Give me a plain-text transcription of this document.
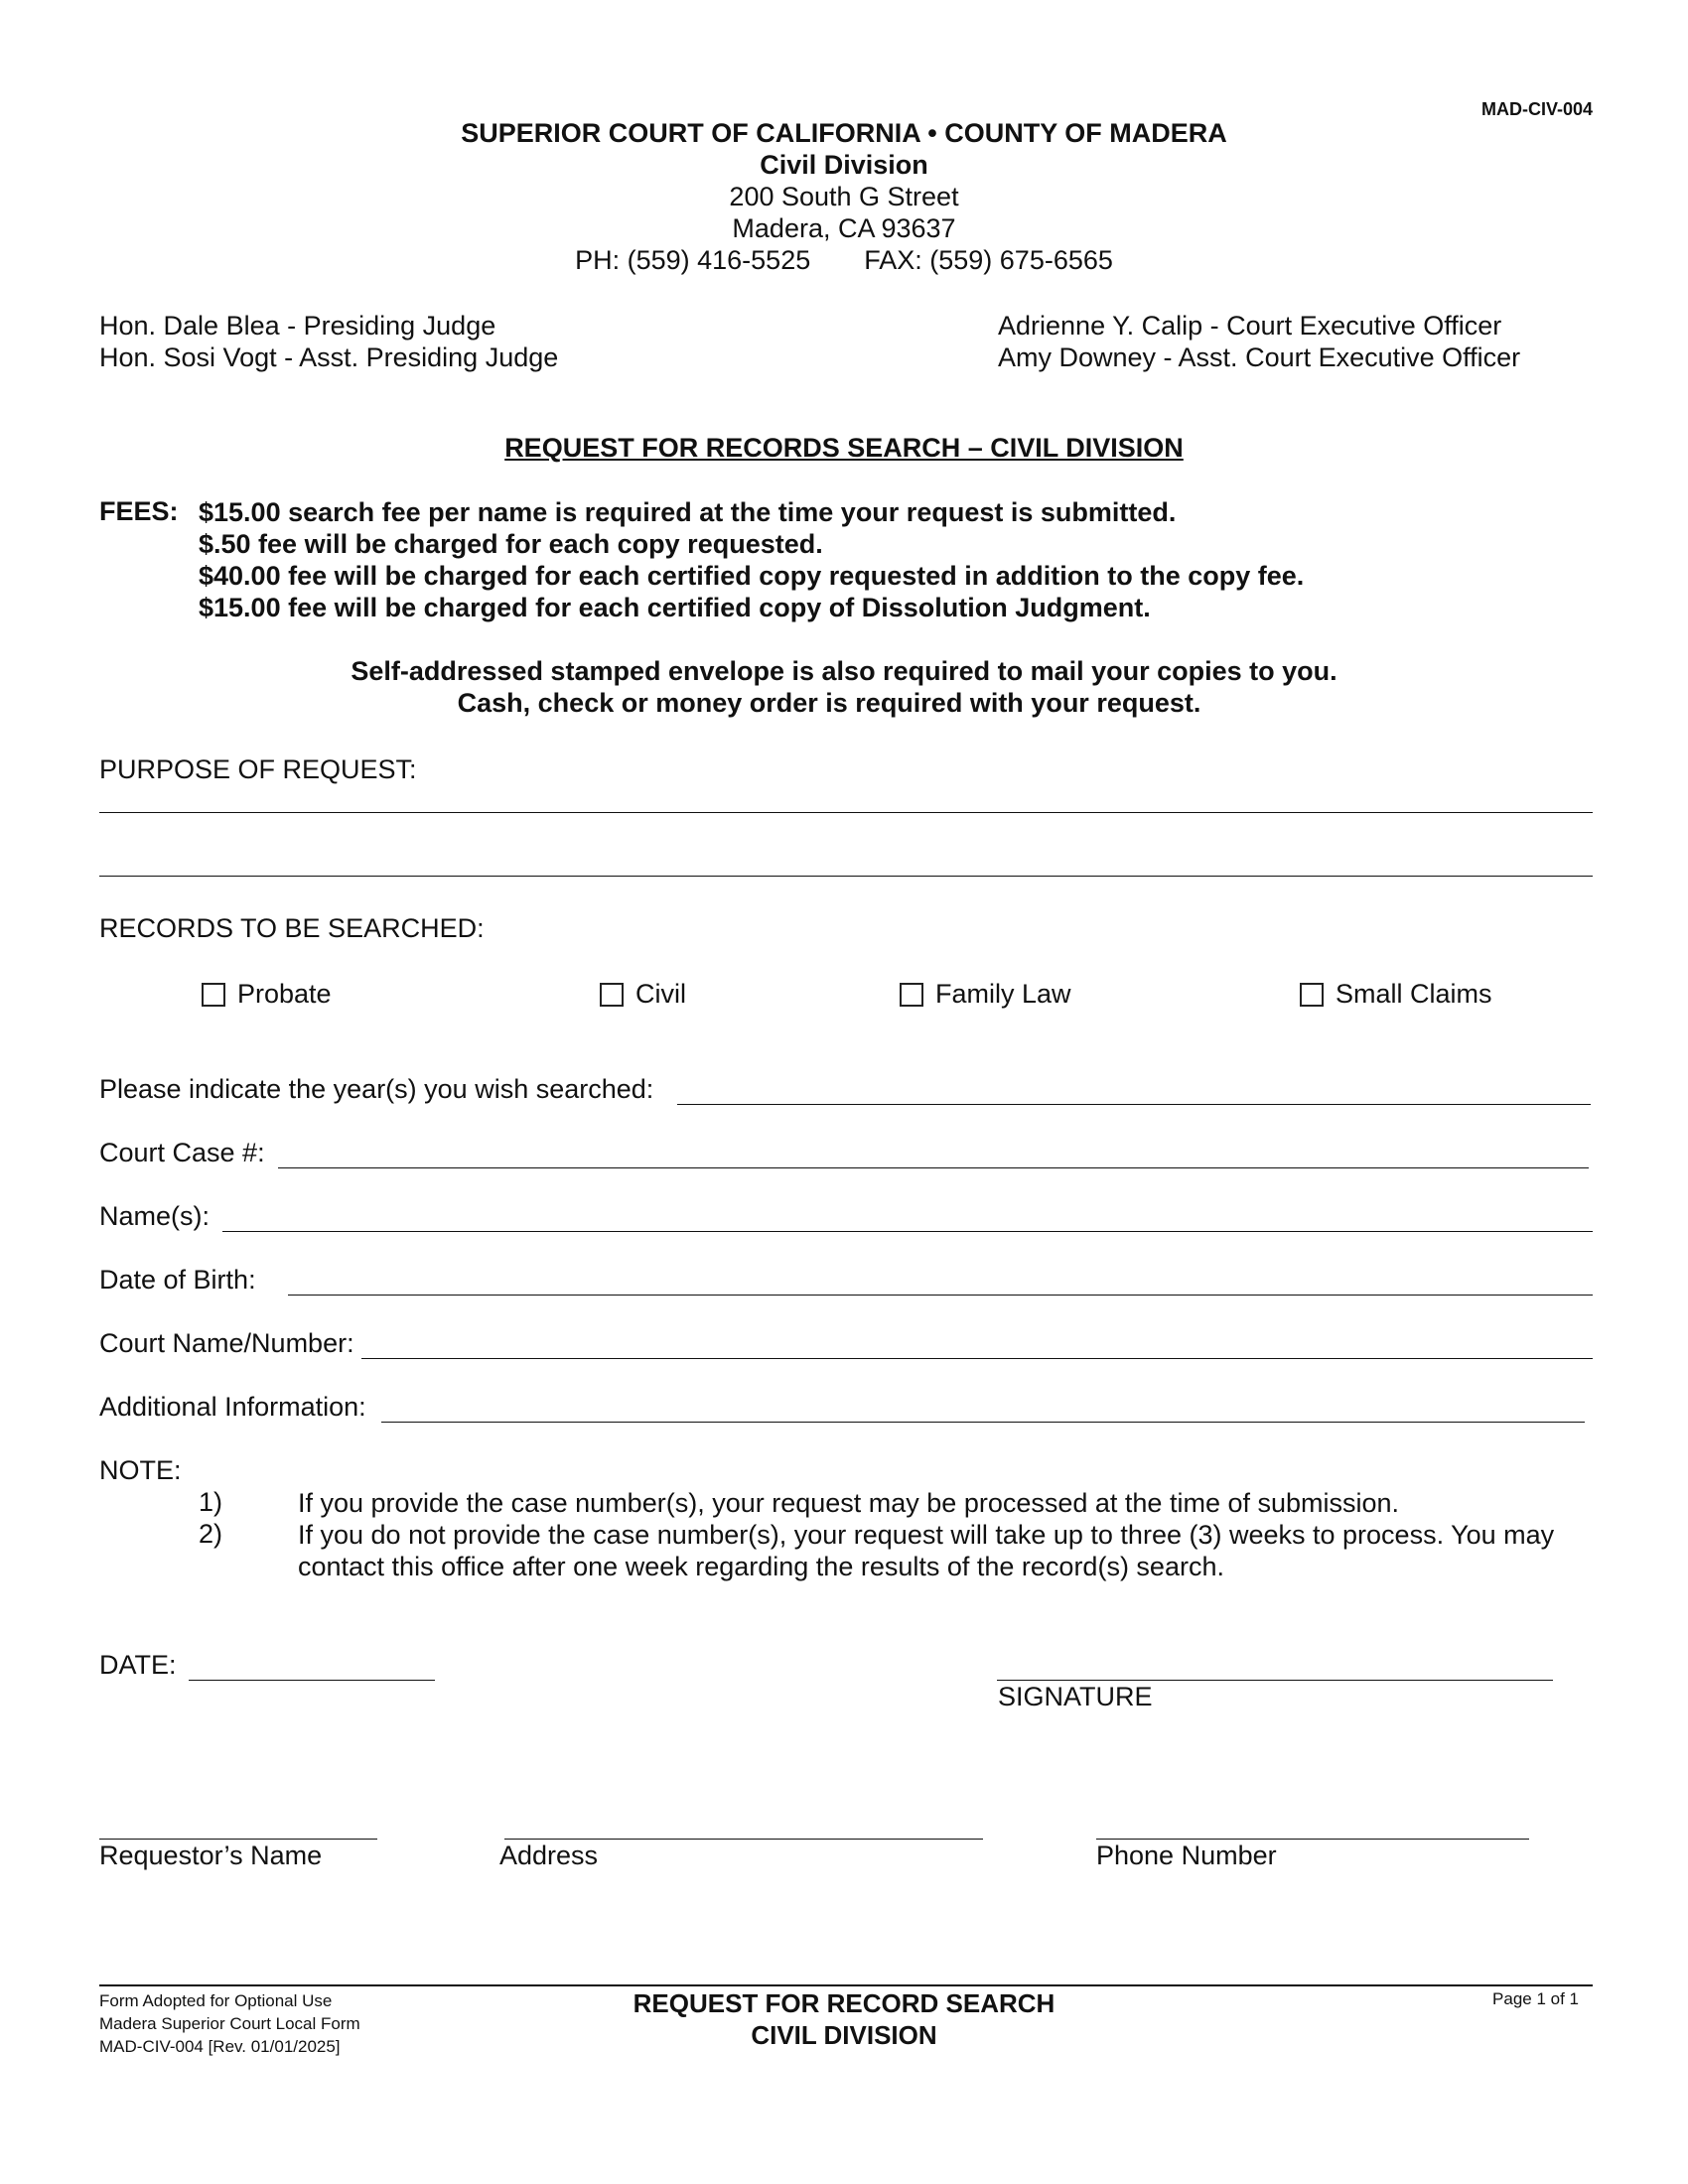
MAD-CIV-004
SUPERIOR COURT OF CALIFORNIA • COUNTY OF MADERA
Civil Division
200 South G Street
Madera, CA 93637
PH: (559) 416-5525 FAX: (559) 675-6565
Hon. Dale Blea - Presiding Judge
Hon. Sosi Vogt - Asst. Presiding Judge
Adrienne Y. Calip - Court Executive Officer
Amy Downey - Asst. Court Executive Officer
REQUEST FOR RECORDS SEARCH – CIVIL DIVISION
FEES: $15.00 search fee per name is required at the time your request is submitted.
$.50 fee will be charged for each copy requested.
$40.00 fee will be charged for each certified copy requested in addition to the copy fee.
$15.00 fee will be charged for each certified copy of Dissolution Judgment.
Self-addressed stamped envelope is also required to mail your copies to you.
Cash, check or money order is required with your request.
PURPOSE OF REQUEST:
RECORDS TO BE SEARCHED:
Probate	Civil	Family Law	Small Claims
Please indicate the year(s) you wish searched:
Court Case #:
Name(s):
Date of Birth:
Court Name/Number:
Additional Information:
NOTE:
1)	If you provide the case number(s), your request may be processed at the time of submission.
2)	If you do not provide the case number(s), your request will take up to three (3) weeks to process. You may contact this office after one week regarding the results of the record(s) search.
DATE:
SIGNATURE
Requestor’s Name	Address	Phone Number
Form Adopted for Optional Use
Madera Superior Court Local Form
MAD-CIV-004 [Rev. 01/01/2025]
REQUEST FOR RECORD SEARCH
CIVIL DIVISION
Page 1 of 1
